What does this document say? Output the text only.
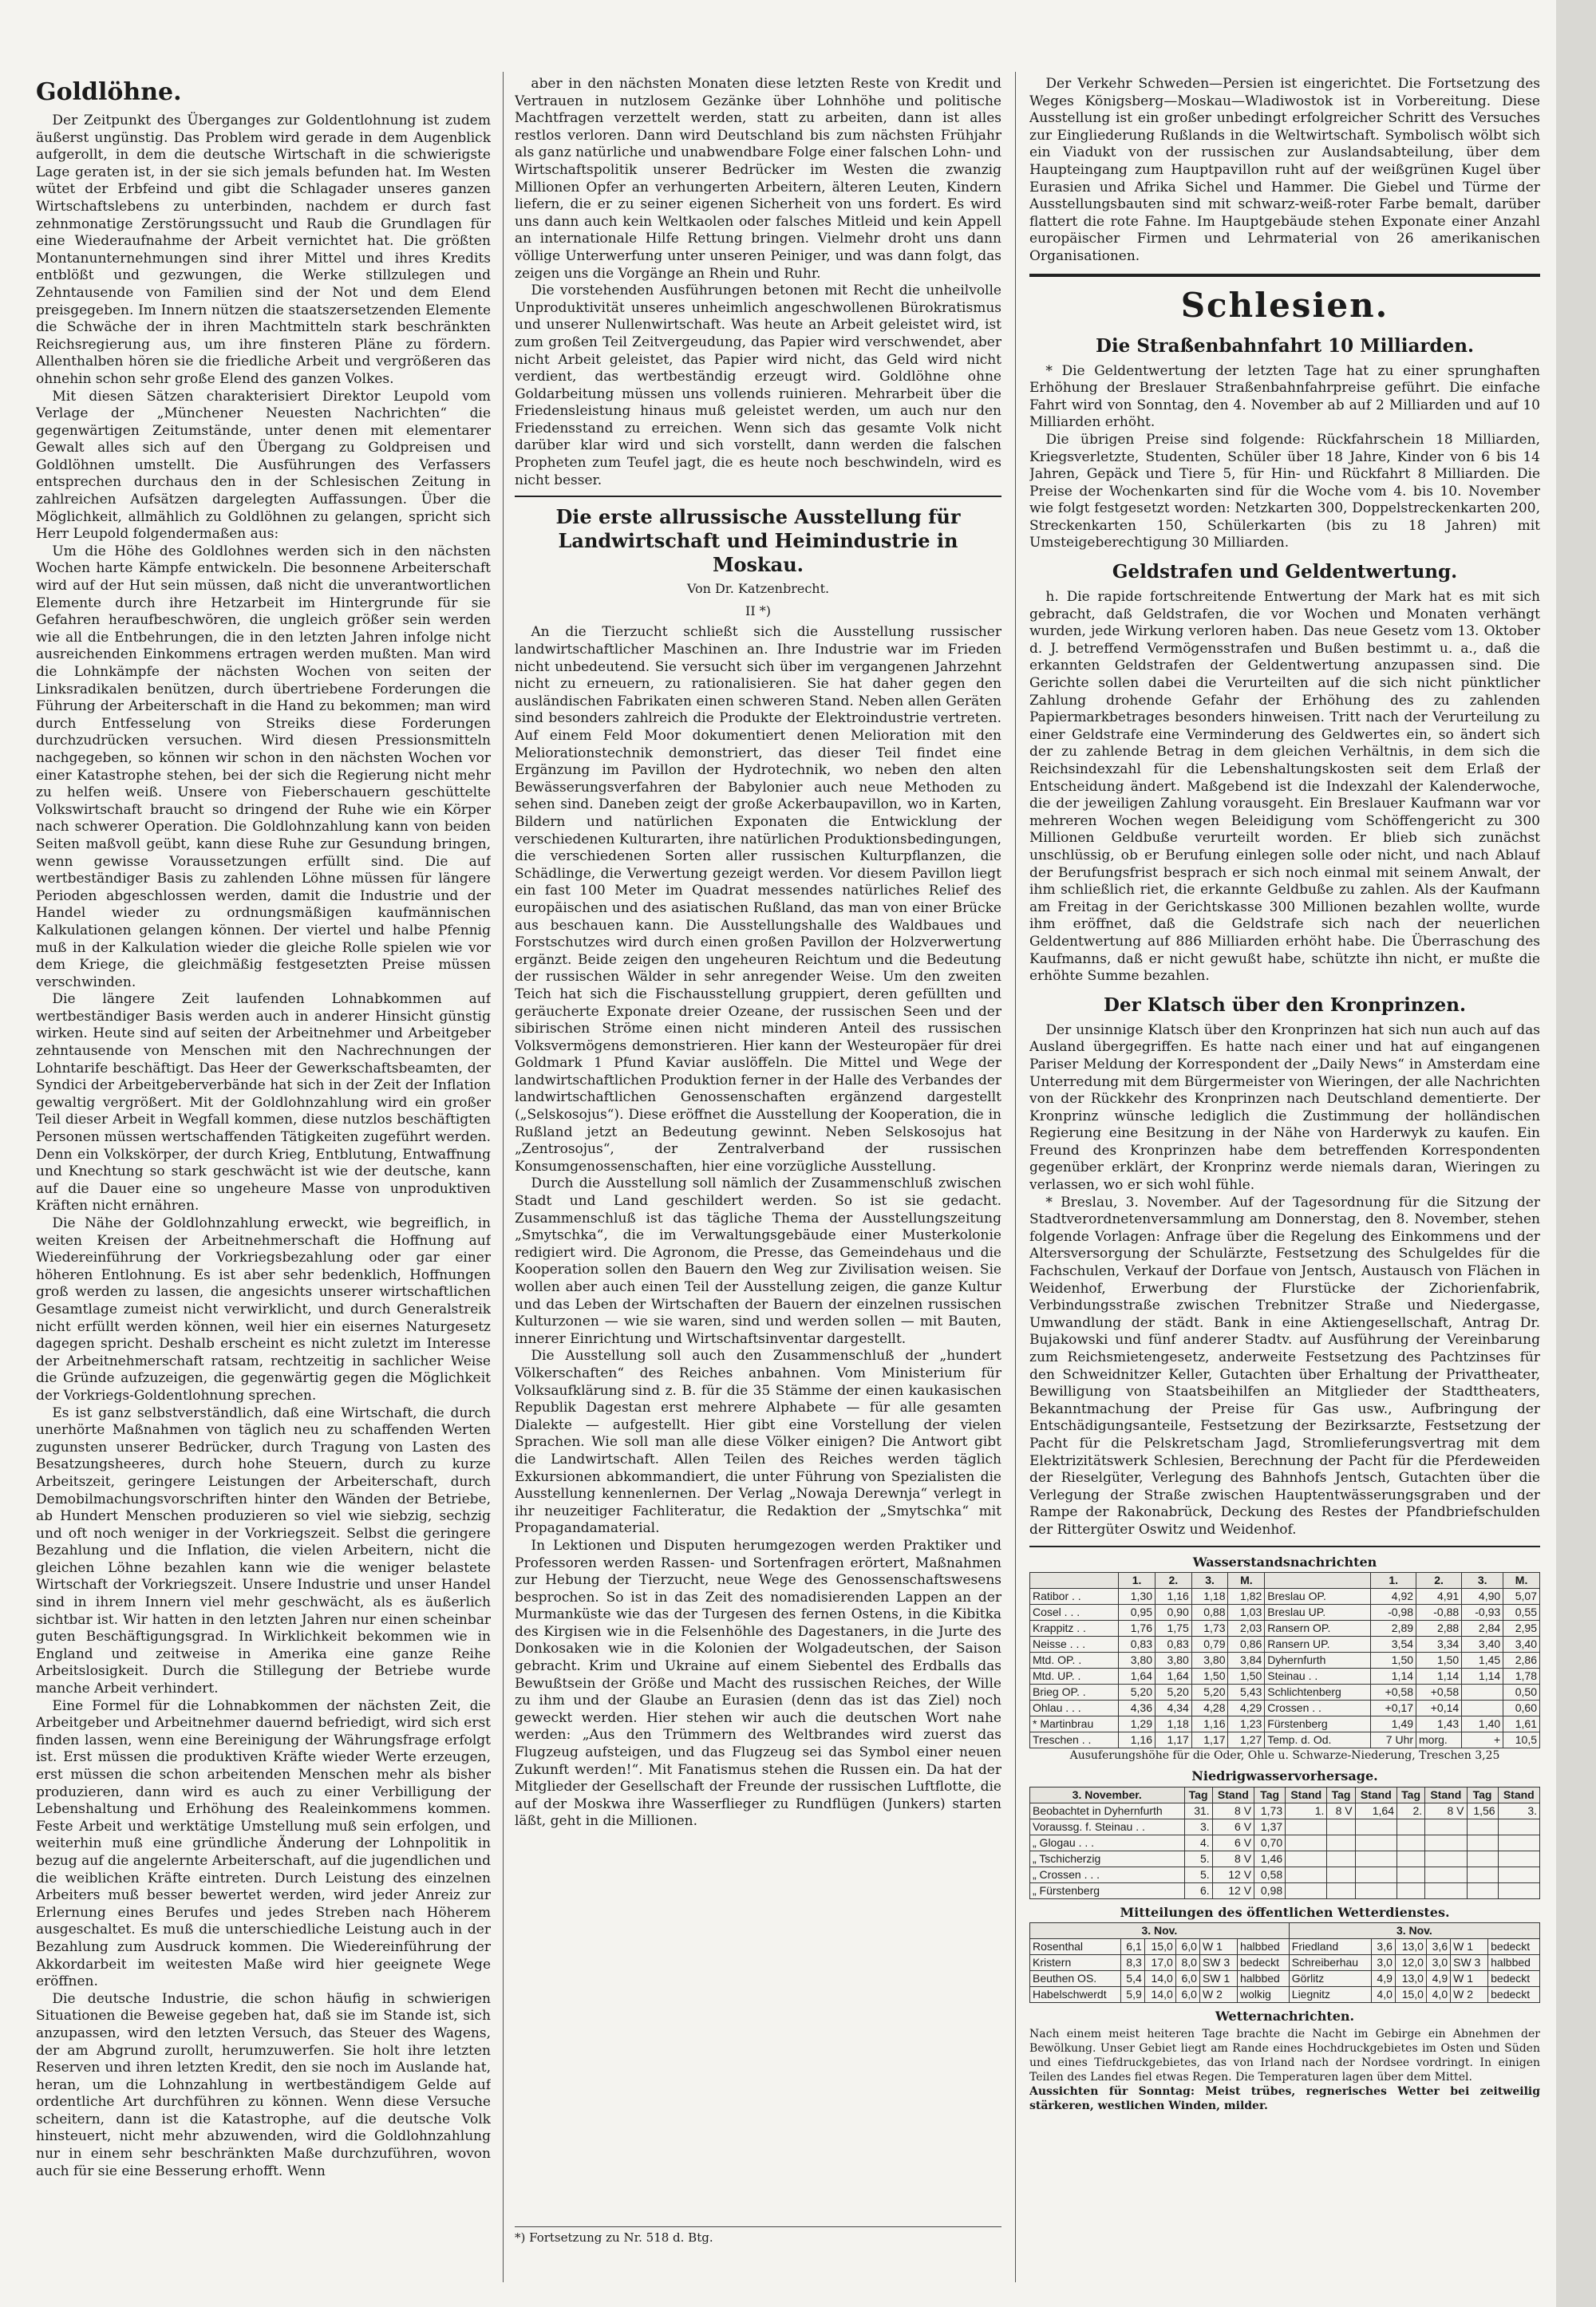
Goldlöhne.

Der Zeitpunkt des Überganges zur Goldentlohnung ist zudem äußerst ungünstig. Das Problem wird gerade in dem Augenblick aufgerollt, in dem die deutsche Wirtschaft in die schwierigste Lage geraten ist, in der sie sich jemals befunden hat. Im Westen wütet der Erbfeind und gibt die Schlagader unseres ganzen Wirtschaftslebens zu unterbinden, nachdem er durch fast zehnmonatige Zerstörungssucht und Raub die Grundlagen für eine Wiederaufnahme der Arbeit vernichtet hat. Die größten Montanunternehmungen sind ihrer Mittel und ihres Kredits entblößt und gezwungen, die Werke stillzulegen und Zehntausende von Familien sind der Not und dem Elend preisgegeben. Im Innern nützen die staatszersetzenden Elemente die Schwäche der in ihren Machtmitteln stark beschränkten Reichsregierung aus, um ihre finsteren Pläne zu fördern. Allenthalben hören sie die friedliche Arbeit und vergrößeren das ohnehin schon sehr große Elend des ganzen Volkes.

Mit diesen Sätzen charakterisiert Direktor Leupold vom Verlage der „Münchener Neuesten Nachrichten“ die gegenwärtigen Zeitumstände, unter denen mit elementarer Gewalt alles sich auf den Übergang zu Goldpreisen und Goldlöhnen umstellt. Die Ausführungen des Verfassers entsprechen durchaus den in der Schlesischen Zeitung in zahlreichen Aufsätzen dargelegten Auffassungen. Über die Möglichkeit, allmählich zu Goldlöhnen zu gelangen, spricht sich Herr Leupold folgendermaßen aus:

Um die Höhe des Goldlohnes werden sich in den nächsten Wochen harte Kämpfe entwickeln. Die besonnene Arbeiterschaft wird auf der Hut sein müssen, daß nicht die unverantwortlichen Elemente durch ihre Hetzarbeit im Hintergrunde für sie Gefahren heraufbeschwören, die ungleich größer sein werden wie all die Entbehrungen, die in den letzten Jahren infolge nicht ausreichenden Einkommens ertragen werden mußten. Man wird die Lohnkämpfe der nächsten Wochen von seiten der Linksradikalen benützen, durch übertriebene Forderungen die Führung der Arbeiterschaft in die Hand zu bekommen; man wird durch Entfesselung von Streiks diese Forderungen durchzudrücken versuchen. Wird diesen Pressionsmitteln nachgegeben, so können wir schon in den nächsten Wochen vor einer Katastrophe stehen, bei der sich die Regierung nicht mehr zu helfen weiß. Unsere von Fieberschauern geschüttelte Volkswirtschaft braucht so dringend der Ruhe wie ein Körper nach schwerer Operation. Die Goldlohnzahlung kann von beiden Seiten maßvoll geübt, kann diese Ruhe zur Gesundung bringen, wenn gewisse Voraussetzungen erfüllt sind. Die auf wertbeständiger Basis zu zahlenden Löhne müssen für längere Perioden abgeschlossen werden, damit die Industrie und der Handel wieder zu ordnungsmäßigen kaufmännischen Kalkulationen gelangen können. Der viertel und halbe Pfennig muß in der Kalkulation wieder die gleiche Rolle spielen wie vor dem Kriege, die gleichmäßig festgesetzten Preise müssen verschwinden.

Die längere Zeit laufenden Lohnabkommen auf wertbeständiger Basis werden auch in anderer Hinsicht günstig wirken. Heute sind auf seiten der Arbeitnehmer und Arbeitgeber zehntausende von Menschen mit den Nachrechnungen der Lohntarife beschäftigt. Das Heer der Gewerkschaftsbeamten, der Syndici der Arbeitgeberverbände hat sich in der Zeit der Inflation gewaltig vergrößert. Mit der Goldlohnzahlung wird ein großer Teil dieser Arbeit in Wegfall kommen, diese nutzlos beschäftigten Personen müssen wertschaffenden Tätigkeiten zugeführt werden. Denn ein Volkskörper, der durch Krieg, Entblutung, Entwaffnung und Knechtung so stark geschwächt ist wie der deutsche, kann auf die Dauer eine so ungeheure Masse von unproduktiven Kräften nicht ernähren.

Die Nähe der Goldlohnzahlung erweckt, wie begreiflich, in weiten Kreisen der Arbeitnehmerschaft die Hoffnung auf Wiedereinführung der Vorkriegsbezahlung oder gar einer höheren Entlohnung. Es ist aber sehr bedenklich, Hoffnungen groß werden zu lassen, die angesichts unserer wirtschaftlichen Gesamtlage zumeist nicht verwirklicht, und durch Generalstreik nicht erfüllt werden können, weil hier ein eisernes Naturgesetz dagegen spricht. Deshalb erscheint es nicht zuletzt im Interesse der Arbeitnehmerschaft ratsam, rechtzeitig in sachlicher Weise die Gründe aufzuzeigen, die gegenwärtig gegen die Möglichkeit der Vorkriegs-Goldentlohnung sprechen.

Es ist ganz selbstverständlich, daß eine Wirtschaft, die durch unerhörte Maßnahmen von täglich neu zu schaffenden Werten zugunsten unserer Bedrücker, durch Tragung von Lasten des Besatzungsheeres, durch hohe Steuern, durch zu kurze Arbeitszeit, geringere Leistungen der Arbeiterschaft, durch Demobilmachungsvorschriften hinter den Wänden der Betriebe, ab Hundert Menschen produzieren so viel wie siebzig, sechzig und oft noch weniger in der Vorkriegszeit. Selbst die geringere Bezahlung und die Inflation, die vielen Arbeitern, nicht die gleichen Löhne bezahlen kann wie die weniger belastete Wirtschaft der Vorkriegszeit. Unsere Industrie und unser Handel sind in ihrem Innern viel mehr geschwächt, als es äußerlich sichtbar ist. Wir hatten in den letzten Jahren nur einen scheinbar guten Beschäftigungsgrad. In Wirklichkeit bekommen wie in England und zeitweise in Amerika eine ganze Reihe Arbeitslosigkeit. Durch die Stillegung der Betriebe wurde manche Arbeit verhindert.

Eine Formel für die Lohnabkommen der nächsten Zeit, die Arbeitgeber und Arbeitnehmer dauernd befriedigt, wird sich erst finden lassen, wenn eine Bereinigung der Währungsfrage erfolgt ist. Erst müssen die produktiven Kräfte wieder Werte erzeugen, erst müssen die schon arbeitenden Menschen mehr als bisher produzieren, dann wird es auch zu einer Verbilligung der Lebenshaltung und Erhöhung des Realeinkommens kommen. Feste Arbeit und werktätige Umstellung muß sein erfolgen, und weiterhin muß eine gründliche Änderung der Lohnpolitik in bezug auf die angelernte Arbeiterschaft, auf die jugendlichen und die weiblichen Kräfte eintreten. Durch Leistung des einzelnen Arbeiters muß besser bewertet werden, wird jeder Anreiz zur Erlernung eines Berufes und jedes Streben nach Höherem ausgeschaltet. Es muß die unterschiedliche Leistung auch in der Bezahlung zum Ausdruck kommen. Die Wiedereinführung der Akkordarbeit im weitesten Maße wird hier geeignete Wege eröffnen.

Die deutsche Industrie, die schon häufig in schwierigen Situationen die Beweise gegeben hat, daß sie im Stande ist, sich anzupassen, wird den letzten Versuch, das Steuer des Wagens, der am Abgrund zurollt, herumzuwerfen. Sie holt ihre letzten Reserven und ihren letzten Kredit, den sie noch im Auslande hat, heran, um die Lohnzahlung in wertbeständigem Gelde auf ordentliche Art durchführen zu können. Wenn diese Versuche scheitern, dann ist die Katastrophe, auf die deutsche Volk hinsteuert, nicht mehr abzuwenden, wird die Goldlohnzahlung nur in einem sehr beschränkten Maße durchzuführen, wovon auch für sie eine Besserung erhofft. Wenn

aber in den nächsten Monaten diese letzten Reste von Kredit und Vertrauen in nutzlosem Gezänke über Lohnhöhe und politische Machtfragen verzettelt werden, statt zu arbeiten, dann ist alles restlos verloren. Dann wird Deutschland bis zum nächsten Frühjahr als ganz natürliche und unabwendbare Folge einer falschen Lohn- und Wirtschaftspolitik unserer Bedrücker im Westen die zwanzig Millionen Opfer an verhungerten Arbeitern, älteren Leuten, Kindern liefern, die er zu seiner eigenen Sicherheit von uns fordert. Es wird uns dann auch kein Weltkaolen oder falsches Mitleid und kein Appell an internationale Hilfe Rettung bringen. Vielmehr droht uns dann völlige Unterwerfung unter unseren Peiniger, und was dann folgt, das zeigen uns die Vorgänge an Rhein und Ruhr.

Die vorstehenden Ausführungen betonen mit Recht die unheilvolle Unproduktivität unseres unheimlich angeschwollenen Bürokratismus und unserer Nullenwirtschaft. Was heute an Arbeit geleistet wird, ist zum großen Teil Zeitvergeudung, das Papier wird verschwendet, aber nicht Arbeit geleistet, das Papier wird nicht, das Geld wird nicht verdient, das wertbeständig erzeugt wird. Goldlöhne ohne Goldarbeitung müssen uns vollends ruinieren. Mehrarbeit über die Friedensleistung hinaus muß geleistet werden, um auch nur den Friedensstand zu erreichen. Wenn sich das gesamte Volk nicht darüber klar wird und sich vorstellt, dann werden die falschen Propheten zum Teufel jagt, die es heute noch beschwindeln, wird es nicht besser.

Die erste allrussische Ausstellung für Landwirtschaft und Heimindustrie in Moskau.
Von Dr. Katzenbrecht.
II *)

An die Tierzucht schließt sich die Ausstellung russischer landwirtschaftlicher Maschinen an. Ihre Industrie war im Frieden nicht unbedeutend. Sie versucht sich über im vergangenen Jahrzehnt nicht zu erneuern, zu rationalisieren. Sie hat daher gegen den ausländischen Fabrikaten einen schweren Stand. Neben allen Geräten sind besonders zahlreich die Produkte der Elektroindustrie vertreten. Auf einem Feld Moor dokumentiert denen Melioration mit den Meliorationstechnik demonstriert, das dieser Teil findet eine Ergänzung im Pavillon der Hydrotechnik, wo neben den alten Bewässerungsverfahren der Babylonier auch neue Methoden zu sehen sind. Daneben zeigt der große Ackerbaupavillon, wo in Karten, Bildern und natürlichen Exponaten die Entwicklung der verschiedenen Kulturarten, ihre natürlichen Produktionsbedingungen, die verschiedenen Sorten aller russischen Kulturpflanzen, die Schädlinge, die Verwertung gezeigt werden. Vor diesem Pavillon liegt ein fast 100 Meter im Quadrat messendes natürliches Relief des europäischen und des asiatischen Rußland, das man von einer Brücke aus beschauen kann. Die Ausstellungshalle des Waldbaues und Forstschutzes wird durch einen großen Pavillon der Holzverwertung ergänzt. Beide zeigen den ungeheuren Reichtum und die Bedeutung der russischen Wälder in sehr anregender Weise. Um den zweiten Teich hat sich die Fischausstellung gruppiert, deren gefüllten und geräucherte Exponate dreier Ozeane, der russischen Seen und der sibirischen Ströme einen nicht minderen Anteil des russischen Volksvermögens demonstrieren. Hier kann der Westeuropäer für drei Goldmark 1 Pfund Kaviar auslöffeln. Die Mittel und Wege der landwirtschaftlichen Produktion ferner in der Halle des Verbandes der landwirtschaftlichen Genossenschaften ergänzend dargestellt („Selskosojus“). Diese eröffnet die Ausstellung der Kooperation, die in Rußland jetzt an Bedeutung gewinnt. Neben Selskosojus hat „Zentrosojus“, der Zentralverband der russischen Konsumgenossenschaften, hier eine vorzügliche Ausstellung.

Durch die Ausstellung soll nämlich der Zusammenschluß zwischen Stadt und Land geschildert werden. So ist sie gedacht. Zusammenschluß ist das tägliche Thema der Ausstellungszeitung „Smytschka“, die im Verwaltungsgebäude einer Musterkolonie redigiert wird. Die Agronom, die Presse, das Gemeindehaus und die Kooperation sollen den Bauern den Weg zur Zivilisation weisen. Sie wollen aber auch einen Teil der Ausstellung zeigen, die ganze Kultur und das Leben der Wirtschaften der Bauern der einzelnen russischen Kulturzonen — wie sie waren, sind und werden sollen — mit Bauten, innerer Einrichtung und Wirtschaftsinventar dargestellt.

Die Ausstellung soll auch den Zusammenschluß der „hundert Völkerschaften“ des Reiches anbahnen. Vom Ministerium für Volksaufklärung sind z. B. für die 35 Stämme der einen kaukasischen Republik Dagestan erst mehrere Alphabete — für alle gesamten Dialekte — aufgestellt. Hier gibt eine Vorstellung der vielen Sprachen. Wie soll man alle diese Völker einigen? Die Antwort gibt die Landwirtschaft. Allen Teilen des Reiches werden täglich Exkursionen abkommandiert, die unter Führung von Spezialisten die Ausstellung kennenlernen. Der Verlag „Nowaja Derewnja“ verlegt in ihr neuzeitiger Fachliteratur, die Redaktion der „Smytschka“ mit Propagandamaterial.

In Lektionen und Disputen herumgezogen werden Praktiker und Professoren werden Rassen- und Sortenfragen erörtert, Maßnahmen zur Hebung der Tierzucht, neue Wege des Genossenschaftswesens besprochen. So ist in das Zeit des nomadisierenden Lappen an der Murmanküste wie das der Turgesen des fernen Ostens, in die Kibitka des Kirgisen wie in die Felsenhöhle des Dagestaners, in die Jurte des Donkosaken wie in die Kolonien der Wolgadeutschen, der Saison gebracht. Krim und Ukraine auf einem Siebentel des Erdballs das Bewußtsein der Größe und Macht des russischen Reiches, der Wille zu ihm und der Glaube an Eurasien (denn das ist das Ziel) noch geweckt werden. Hier stehen wir auch die deutschen Wort nahe werden: „Aus den Trümmern des Weltbrandes wird zuerst das Flugzeug aufsteigen, und das Flugzeug sei das Symbol einer neuen Zukunft werden!“. Mit Fanatismus stehen die Russen ein. Da hat der Mitglieder der Gesellschaft der Freunde der russischen Luftflotte, die auf der Moskwa ihre Wasserflieger zu Rundflügen (Junkers) starten läßt, geht in die Millionen.

*) Fortsetzung zu Nr. 518 d. Btg.

Der Verkehr Schweden—Persien ist eingerichtet. Die Fortsetzung des Weges Königsberg—Moskau—Wladiwostok ist in Vorbereitung. Diese Ausstellung ist ein großer unbedingt erfolgreicher Schritt des Versuches zur Eingliederung Rußlands in die Weltwirtschaft. Symbolisch wölbt sich ein Viadukt von der russischen zur Auslandsabteilung, über dem Haupteingang zum Hauptpavillon ruht auf der weißgrünen Kugel über Eurasien und Afrika Sichel und Hammer. Die Giebel und Türme der Ausstellungsbauten sind mit schwarz-weiß-roter Farbe bemalt, darüber flattert die rote Fahne. Im Hauptgebäude stehen Exponate einer Anzahl europäischer Firmen und Lehrmaterial von 26 amerikanischen Organisationen.

Schlesien.
Die Straßenbahnfahrt 10 Milliarden.

* Die Geldentwertung der letzten Tage hat zu einer sprunghaften Erhöhung der Breslauer Straßenbahnfahrpreise geführt. Die einfache Fahrt wird von Sonntag, den 4. November ab auf 2 Milliarden und auf 10 Milliarden erhöht.

Die übrigen Preise sind folgende: Rückfahrschein 18 Milliarden, Kriegsverletzte, Studenten, Schüler über 18 Jahre, Kinder von 6 bis 14 Jahren, Gepäck und Tiere 5, für Hin- und Rückfahrt 8 Milliarden. Die Preise der Wochenkarten sind für die Woche vom 4. bis 10. November wie folgt festgesetzt worden: Netzkarten 300, Doppelstreckenkarten 200, Streckenkarten 150, Schülerkarten (bis zu 18 Jahren) mit Umsteigeberechtigung 30 Milliarden.

Geldstrafen und Geldentwertung.

h. Die rapide fortschreitende Entwertung der Mark hat es mit sich gebracht, daß Geldstrafen, die vor Wochen und Monaten verhängt wurden, jede Wirkung verloren haben. Das neue Gesetz vom 13. Oktober d. J. betreffend Vermögensstrafen und Bußen bestimmt u. a., daß die erkannten Geldstrafen der Geldentwertung anzupassen sind. Die Gerichte sollen dabei die Verurteilten auf die sich nicht pünktlicher Zahlung drohende Gefahr der Erhöhung des zu zahlenden Papiermarkbetrages besonders hinweisen. Tritt nach der Verurteilung zu einer Geldstrafe eine Verminderung des Geldwertes ein, so ändert sich der zu zahlende Betrag in dem gleichen Verhältnis, in dem sich die Reichsindexzahl für die Lebenshaltungskosten seit dem Erlaß der Entscheidung ändert. Maßgebend ist die Indexzahl der Kalenderwoche, die der jeweiligen Zahlung vorausgeht. Ein Breslauer Kaufmann war vor mehreren Wochen wegen Beleidigung vom Schöffengericht zu 300 Millionen Geldbuße verurteilt worden. Er blieb sich zunächst unschlüssig, ob er Berufung einlegen solle oder nicht, und nach Ablauf der Berufungsfrist besprach er sich noch einmal mit seinem Anwalt, der ihm schließlich riet, die erkannte Geldbuße zu zahlen. Als der Kaufmann am Freitag in der Gerichtskasse 300 Millionen bezahlen wollte, wurde ihm eröffnet, daß die Geldstrafe sich nach der neuerlichen Geldentwertung auf 886 Milliarden erhöht habe. Die Überraschung des Kaufmanns, daß er nicht gewußt habe, schützte ihn nicht, er mußte die erhöhte Summe bezahlen.

Der Klatsch über den Kronprinzen.

Der unsinnige Klatsch über den Kronprinzen hat sich nun auch auf das Ausland übergegriffen. Es hatte nach einer und hat auf eingangenen Pariser Meldung der Korrespondent der „Daily News“ in Amsterdam eine Unterredung mit dem Bürgermeister von Wieringen, der alle Nachrichten von der Rückkehr des Kronprinzen nach Deutschland dementierte. Der Kronprinz wünsche lediglich die Zustimmung der holländischen Regierung eine Besitzung in der Nähe von Harderwyk zu kaufen. Ein Freund des Kronprinzen habe dem betreffenden Korrespondenten gegenüber erklärt, der Kronprinz werde niemals daran, Wieringen zu verlassen, wo er sich wohl fühle.

* Breslau, 3. November. Auf der Tagesordnung für die Sitzung der Stadtverordnetenversammlung am Donnerstag, den 8. November, stehen folgende Vorlagen: Anfrage über die Regelung des Einkommens und der Altersversorgung der Schulärzte, Festsetzung des Schulgeldes für die Fachschulen, Verkauf der Dorfaue von Jentsch, Austausch von Flächen in Weidenhof, Erwerbung der Flurstücke der Zichorienfabrik, Verbindungsstraße zwischen Trebnitzer Straße und Niedergasse, Umwandlung der städt. Bank in eine Aktiengesellschaft, Antrag Dr. Bujakowski und fünf anderer Stadtv. auf Ausführung der Vereinbarung zum Reichsmietengesetz, anderweite Festsetzung des Pachtzinses für den Schweidnitzer Keller, Gutachten über Erhaltung der Privattheater, Bewilligung von Staatsbeihilfen an Mitglieder der Stadttheaters, Bekanntmachung der Preise für Gas usw., Aufbringung der Entschädigungsanteile, Festsetzung der Bezirksarzte, Festsetzung der Pacht für die Pelskretscham Jagd, Stromlieferungsvertrag mit dem Elektrizitätswerk Schlesien, Berechnung der Pacht für die Pferdeweiden der Rieselgüter, Verlegung des Bahnhofs Jentsch, Gutachten über die Verlegung der Straße zwischen Hauptentwässerungsgraben und der Rampe der Rakonabrück, Deckung des Restes der Pfandbriefschulden der Rittergüter Oswitz und Weidenhof.

Wasserstandsnachrichten
	1.	2.	3.	M.		1.	2.	3.	M.
Ratibor . .	1,30	1,16	1,18	1,82	Breslau OP.	4,92	4,91	4,90	5,07
Cosel . . .	0,95	0,90	0,88	1,03	Breslau UP.	-0,98	-0,88	-0,93	0,55
Krappitz . .	1,76	1,75	1,73	2,03	Ransern OP.	2,89	2,88	2,84	2,95
Neisse . . .	0,83	0,83	0,79	0,86	Ransern UP.	3,54	3,34	3,40	3,40
Mtd. OP. .	3,80	3,80	3,80	3,84	Dyhernfurth	1,50	1,50	1,45	2,86
Mtd. UP. .	1,64	1,64	1,50	1,50	Steinau . .	1,14	1,14	1,14	1,78
Brieg OP. .	5,20	5,20	5,20	5,43	Schlichtenberg	+0,58	+0,58		0,50
Ohlau . . .	4,36	4,34	4,28	4,29	Crossen . .	+0,17	+0,14		0,60
* Martinbrau	1,29	1,18	1,16	1,23	Fürstenberg	1,49	1,43	1,40	1,61
Treschen . .	1,16	1,17	1,17	1,27	Temp. d. Od.	7 Uhr	morg.	+	10,5
Ausuferungshöhe für die Oder, Ohle u. Schwarze-Niederung, Treschen 3,25
Niedrigwasservorhersage.
3. November.	Tag	Stand	Tag	Stand	Tag	Stand	Tag	Stand	Tag	Stand
Beobachtet in Dyhernfurth	31.	8 V	1,73	1.	8 V	1,64	2.	8 V	1,56	3.
Voraussg. f. Steinau . .	3.	6 V	1,37							
„ Glogau . . .	4.	6 V	0,70							
„ Tschicherzig	5.	8 V	1,46							
„ Crossen . . .	5.	12 V	0,58							
„ Fürstenberg	6.	12 V	0,98							
Mitteilungen des öffentlichen Wetterdienstes.
3. Nov.						3. Nov.					
Rosenthal	6,1	15,0	6,0	W 1	halbbed	Friedland	3,6	13,0	3,6	W 1	bedeckt
Kristern	8,3	17,0	8,0	SW 3	bedeckt	Schreiberhau	3,0	12,0	3,0	SW 3	halbbed
Beuthen OS.	5,4	14,0	6,0	SW 1	halbbed	Görlitz	4,9	13,0	4,9	W 1	bedeckt
Habelschwerdt	5,9	14,0	6,0	W 2	wolkig	Liegnitz	4,0	15,0	4,0	W 2	bedeckt
Wetternachrichten.
Nach einem meist heiteren Tage brachte die Nacht im Gebirge ein Abnehmen der Bewölkung. Unser Gebiet liegt am Rande eines Hochdruckgebietes im Osten und Süden und eines Tiefdruckgebietes, das von Irland nach der Nordsee vordringt. In einigen Teilen des Landes fiel etwas Regen. Die Temperaturen lagen über dem Mittel.
Aussichten für Sonntag: Meist trübes, regnerisches Wetter bei zeitweilig stärkeren, westlichen Winden, milder.
